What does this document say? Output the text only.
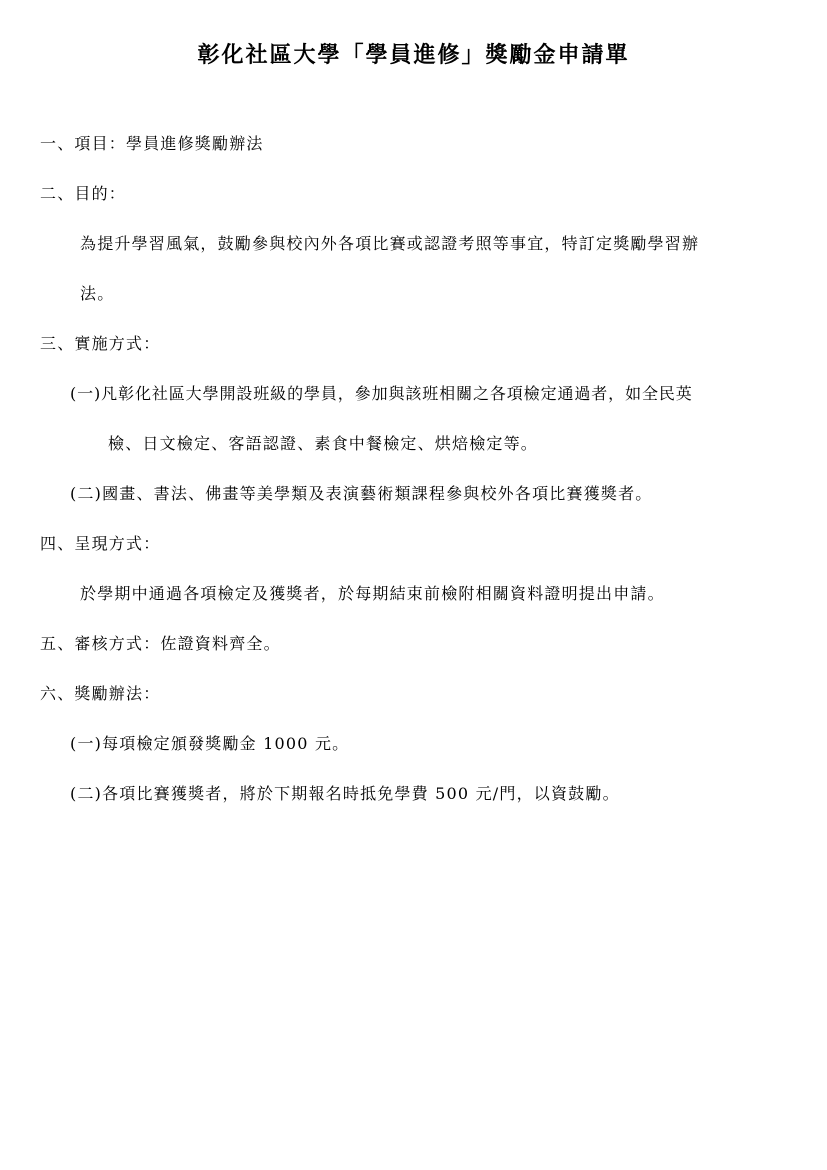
彰化社區大學「學員進修」獎勵金申請單
一、項目：學員進修獎勵辦法
二、目的：
為提升學習風氣，鼓勵參與校內外各項比賽或認證考照等事宜，特訂定獎勵學習辦
法。
三、實施方式：
(一)凡彰化社區大學開設班級的學員，參加與該班相關之各項檢定通過者，如全民英
檢、日文檢定、客語認證、素食中餐檢定、烘焙檢定等。
(二)國畫、書法、佛畫等美學類及表演藝術類課程參與校外各項比賽獲獎者。
四、呈現方式：
於學期中通過各項檢定及獲獎者，於每期結束前檢附相關資料證明提出申請。
五、審核方式：佐證資料齊全。
六、獎勵辦法：
(一)每項檢定頒發獎勵金 1000 元。
(二)各項比賽獲獎者，將於下期報名時抵免學費 500 元/門，以資鼓勵。
